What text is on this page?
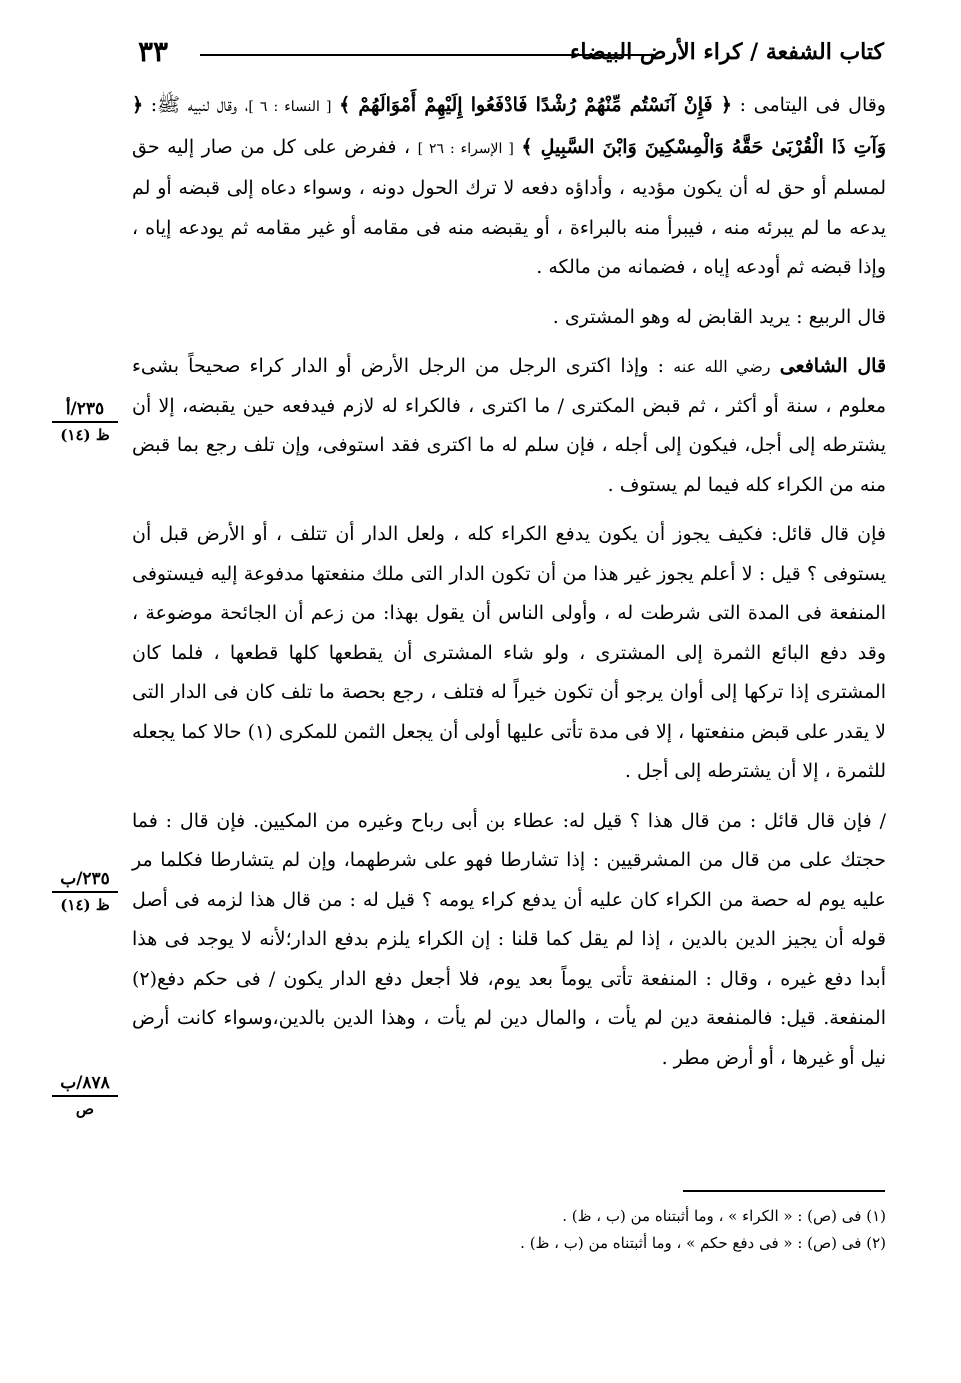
٣٣	كتاب الشفعة / كراء الأرض البيضاء

وقال فى اليتامى : ﴿ فَإِنْ آنَسْتُم مِّنْهُمْ رُشْدًا فَادْفَعُوا إِلَيْهِمْ أَمْوَالَهُمْ ﴾ [ النساء : ٦ ]، وقال لنبيه ﷺ: ﴿ وَآتِ ذَا الْقُرْبَىٰ حَقَّهُ وَالْمِسْكِينَ وَابْنَ السَّبِيلِ ﴾ [ الإسراء : ٢٦ ] ، ففرض على كل من صار إليه حق لمسلم أو حق له أن يكون مؤديه ، وأداؤه دفعه لا ترك الحول دونه ، وسواء دعاه إلى قبضه أو لم يدعه ما لم يبرئه منه ، فيبرأ منه بالبراءة ، أو يقبضه منه فى مقامه أو غير مقامه ثم يودعه إياه ، وإذا قبضه ثم أودعه إياه ، فضمانه من مالكه .

قال الربيع : يريد القابض له وهو المشترى .

قال الشافعى رضي الله عنه : وإذا اكترى الرجل من الرجل الأرض أو الدار كراء صحيحاً بشىء معلوم ، سنة أو أكثر ، ثم قبض المكترى / ما اكترى ، فالكراء له لازم فيدفعه حين يقبضه، إلا أن يشترطه إلى أجل، فيكون إلى أجله ، فإن سلم له ما اكترى فقد استوفى، وإن تلف رجع بما قبض منه من الكراء كله فيما لم يستوف .

فإن قال قائل: فكيف يجوز أن يكون يدفع الكراء كله ، ولعل الدار أن تتلف ، أو الأرض قبل أن يستوفى ؟ قيل : لا أعلم يجوز غير هذا من أن تكون الدار التى ملك منفعتها مدفوعة إليه فيستوفى المنفعة فى المدة التى شرطت له ، وأولى الناس أن يقول بهذا: من زعم أن الجائحة موضوعة ، وقد دفع البائع الثمرة إلى المشترى ، ولو شاء المشترى أن يقطعها كلها قطعها ، فلما كان المشترى إذا تركها إلى أوان يرجو أن تكون خيراً له فتلف ، رجع بحصة ما تلف كان فى الدار التى لا يقدر على قبض منفعتها ، إلا فى مدة تأتى عليها أولى أن يجعل الثمن للمكرى (١) حالا كما يجعله للثمرة ، إلا أن يشترطه إلى أجل .

/ فإن قال قائل : من قال هذا ؟ قيل له: عطاء بن أبى رباح وغيره من المكيين. فإن قال : فما حجتك على من قال من المشرقيين : إذا تشارطا فهو على شرطهما، وإن لم يتشارطا فكلما مر عليه يوم له حصة من الكراء كان عليه أن يدفع كراء يومه ؟ قيل له : من قال هذا لزمه فى أصل قوله أن يجيز الدين بالدين ، إذا لم يقل كما قلنا : إن الكراء يلزم بدفع الدار؛لأنه لا يوجد فى هذا أبدا دفع غيره ، وقال : المنفعة تأتى يوماً بعد يوم، فلا أجعل دفع الدار يكون / فى حكم دفع(٢) المنفعة. قيل: فالمنفعة دين لم يأت ، والمال دين لم يأت ، وهذا الدين بالدين،وسواء كانت أرض نيل أو غيرها ، أو أرض مطر .

٢٣٥/أ
ظ (١٤)
٢٣٥/ب
ظ (١٤)
٨٧٨/ب
ص

(١) فى (ص) : « الكراء » ، وما أثبتناه من (ب ، ظ) .

(٢) فى (ص) : « فى دفع حكم » ، وما أثبتناه من (ب ، ظ) .
